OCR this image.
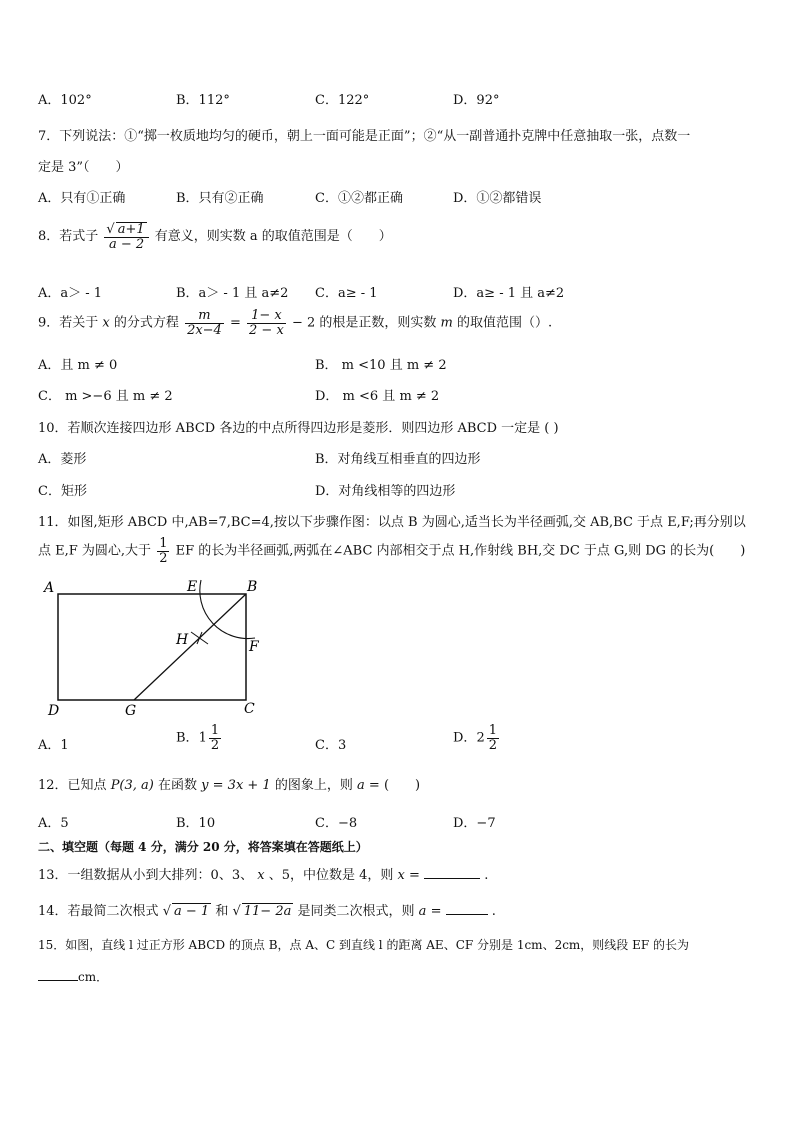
A．102°	B．112°	C．122°	D．92°
7．下列说法：①“掷一枚质地均匀的硬币，朝上一面可能是正面”；②“从一副普通扑克牌中任意抽取一张，点数一
定是 3”（　　）
A．只有①正确	B．只有②正确	C．①②都正确	D．①②都错误
8．若式子 $\frac{√ a+1}{a - 2}$ 有意义，则实数 a 的取值范围是（　　）
A．a＞ - 1	B．a＞ - 1 且 a≠2 C．a≥ - 1	D．a≥ - 1 且 a≠2
9．若关于 x 的分式方程 $\frac{m}{2x-4} = \frac{1- x}{2 - x} - 2$ 的根是正数，则实数 m 的取值范围（）.
A．且 m ≠ 0	B． m <10 且 m ≠ 2
C． m >−6 且 m ≠ 2	D． m <6 且 m ≠ 2
10．若顺次连接四边形 ABCD 各边的中点所得四边形是菱形．则四边形 ABCD 一定是 ( )
A．菱形	B．对角线互相垂直的四边形
C．矩形	D．对角线相等的四边形
11．如图,矩形 ABCD 中,AB=7,BC=4,按以下步骤作图：以点 B 为圆心,适当长为半径画弧,交 AB,BC 于点 E,F;再分别以
点 E,F 为圆心,大于 $\frac{1}{2}$ EF 的长为半径画弧,两弧在∠ABC 内部相交于点 H,作射线 BH,交 DC 于点 G,则 DG 的长为(　　)
A	E	B
H	F
D	G	C
A．1	B．$1 \frac{1}{2}$	C．3	D．$2 \frac{1}{2}$
12．已知点 P(3, a) 在函数 y = 3x + 1 的图象上，则 a = (　　)
A．5	B．10	C．−8	D．−7
二、填空题（每题 4 分，满分 20 分，将答案填在答题纸上）
13．一组数据从小到大排列：0、3、 x 、5，中位数是 4，则 x =	.
14．若最简二次根式 √ a − 1 和 √ 11− 2a 是同类二次根式，则 a =	.
15．如图，直线 l 过正方形 ABCD 的顶点 B，点 A、C 到直线 l 的距离 AE、CF 分别是 1cm、2cm，则线段 EF 的长为
cm．
